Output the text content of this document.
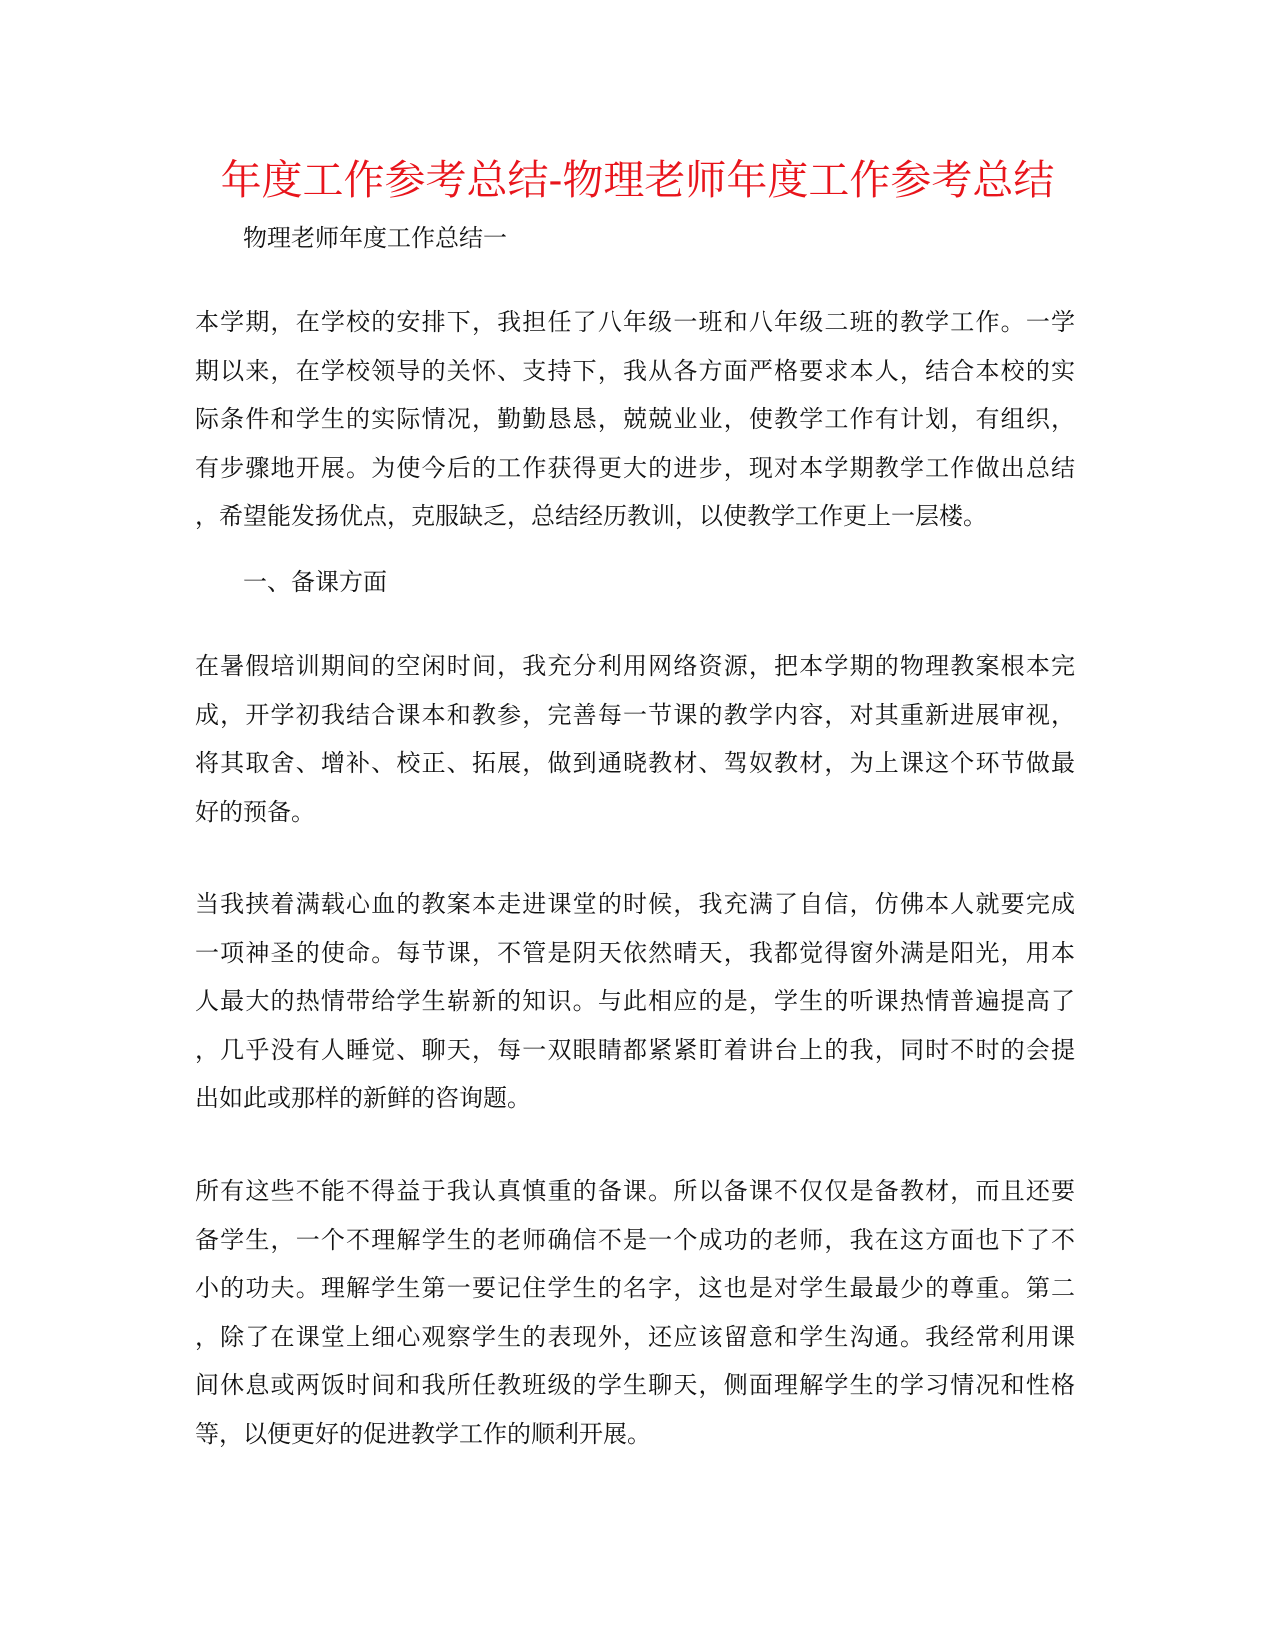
年度工作参考总结-物理老师年度工作参考总结

物理老师年度工作总结一

本学期，在学校的安排下，我担任了八年级一班和八年级二班的教学工作。一学
期以来，在学校领导的关怀、支持下，我从各方面严格要求本人，结合本校的实
际条件和学生的实际情况，勤勤恳恳，兢兢业业，使教学工作有计划，有组织，
有步骤地开展。为使今后的工作获得更大的进步，现对本学期教学工作做出总结
，希望能发扬优点，克服缺乏，总结经历教训，以使教学工作更上一层楼。

一、备课方面

在暑假培训期间的空闲时间，我充分利用网络资源，把本学期的物理教案根本完
成，开学初我结合课本和教参，完善每一节课的教学内容，对其重新进展审视，
将其取舍、增补、校正、拓展，做到通晓教材、驾奴教材，为上课这个环节做最
好的预备。
当我挟着满载心血的教案本走进课堂的时候，我充满了自信，仿佛本人就要完成
一项神圣的使命。每节课，不管是阴天依然晴天，我都觉得窗外满是阳光，用本
人最大的热情带给学生崭新的知识。与此相应的是，学生的听课热情普遍提高了
，几乎没有人睡觉、聊天，每一双眼睛都紧紧盯着讲台上的我，同时不时的会提
出如此或那样的新鲜的咨询题。
所有这些不能不得益于我认真慎重的备课。所以备课不仅仅是备教材，而且还要
备学生，一个不理解学生的老师确信不是一个成功的老师，我在这方面也下了不
小的功夫。理解学生第一要记住学生的名字，这也是对学生最最少的尊重。第二
，除了在课堂上细心观察学生的表现外，还应该留意和学生沟通。我经常利用课
间休息或两饭时间和我所任教班级的学生聊天，侧面理解学生的学习情况和性格
等，以便更好的促进教学工作的顺利开展。
